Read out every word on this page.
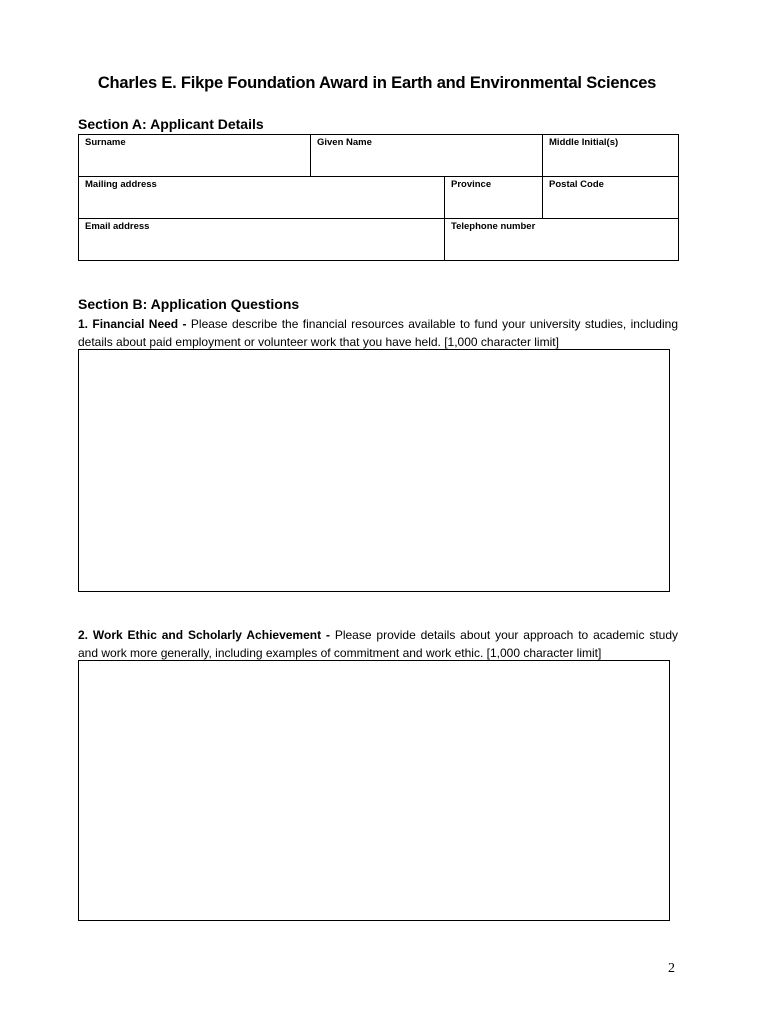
Charles E. Fikpe Foundation Award in Earth and Environmental Sciences
Section A: Applicant Details
Surname	Given Name		Middle Initial(s)
Mailing address		Province	Postal Code
Email address		Telephone number	
Section B: Application Questions
1. Financial Need - Please describe the financial resources available to fund your university studies, including details about paid employment or volunteer work that you have held. [1,000 character limit]
2. Work Ethic and Scholarly Achievement - Please provide details about your approach to academic study and work more generally, including examples of commitment and work ethic. [1,000 character limit]
2
